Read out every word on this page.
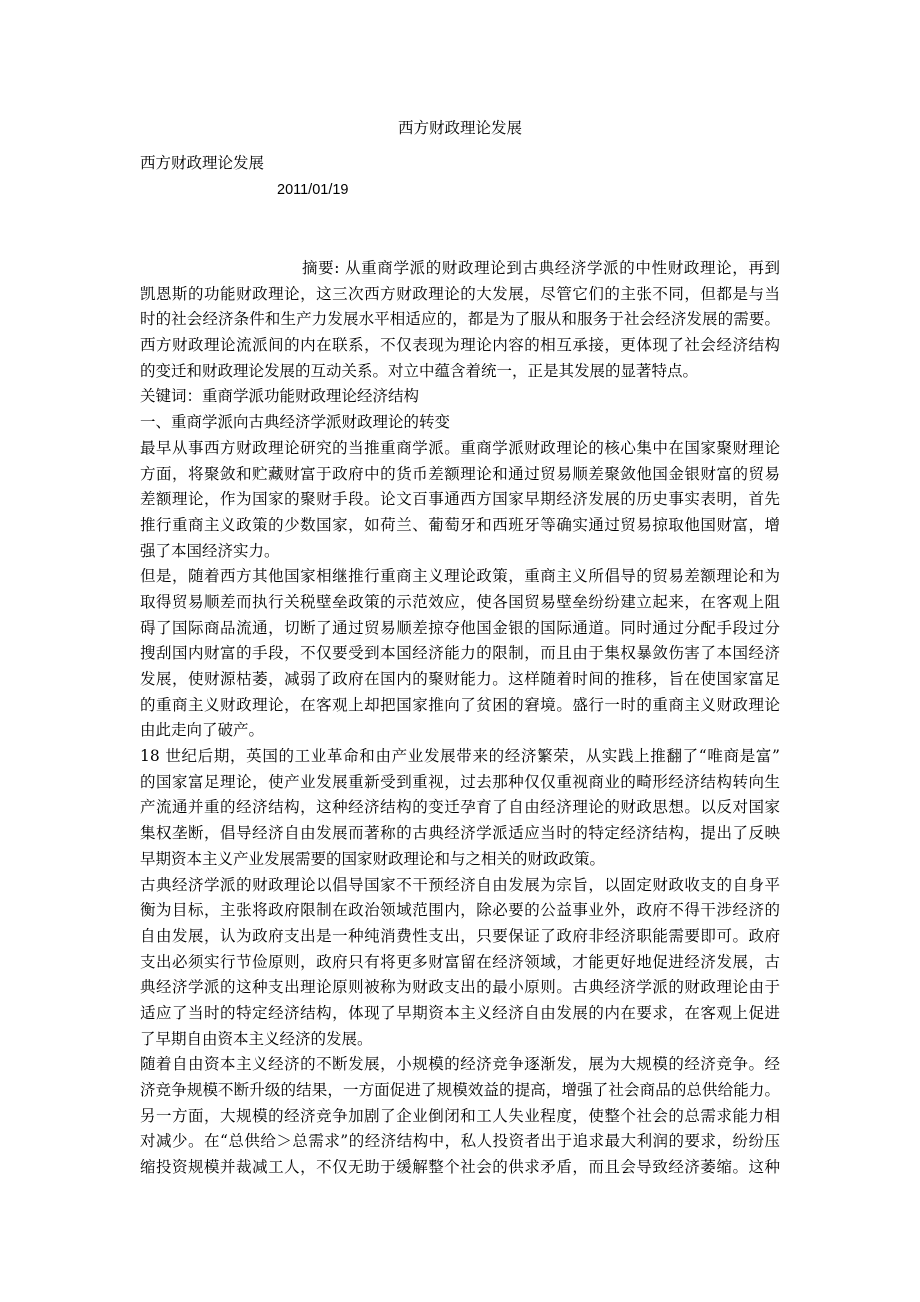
西方财政理论发展
西方财政理论发展
2011/01/19
摘要: 从重商学派的财政理论到古典经济学派的中性财政理论，再到
凯恩斯的功能财政理论，这三次西方财政理论的大发展，尽管它们的主张不同，但都是与当
时的社会经济条件和生产力发展水平相适应的，都是为了服从和服务于社会经济发展的需要。
西方财政理论流派间的内在联系，不仅表现为理论内容的相互承接，更体现了社会经济结构
的变迁和财政理论发展的互动关系。对立中蕴含着统一，正是其发展的显著特点。
关键词：重商学派功能财政理论经济结构
一、重商学派向古典经济学派财政理论的转变
最早从事西方财政理论研究的当推重商学派。重商学派财政理论的核心集中在国家聚财理论
方面，将聚敛和贮藏财富于政府中的货币差额理论和通过贸易顺差聚敛他国金银财富的贸易
差额理论，作为国家的聚财手段。论文百事通西方国家早期经济发展的历史事实表明，首先
推行重商主义政策的少数国家，如荷兰、葡萄牙和西班牙等确实通过贸易掠取他国财富，增
强了本国经济实力。
但是，随着西方其他国家相继推行重商主义理论政策，重商主义所倡导的贸易差额理论和为
取得贸易顺差而执行关税壁垒政策的示范效应，使各国贸易壁垒纷纷建立起来，在客观上阻
碍了国际商品流通，切断了通过贸易顺差掠夺他国金银的国际通道。同时通过分配手段过分
搜刮国内财富的手段，不仅要受到本国经济能力的限制，而且由于集权暴敛伤害了本国经济
发展，使财源枯萎，减弱了政府在国内的聚财能力。这样随着时间的推移，旨在使国家富足
的重商主义财政理论，在客观上却把国家推向了贫困的窘境。盛行一时的重商主义财政理论
由此走向了破产。
18 世纪后期，英国的工业革命和由产业发展带来的经济繁荣，从实践上推翻了“唯商是富”
的国家富足理论，使产业发展重新受到重视，过去那种仅仅重视商业的畸形经济结构转向生
产流通并重的经济结构，这种经济结构的变迁孕育了自由经济理论的财政思想。以反对国家
集权垄断，倡导经济自由发展而著称的古典经济学派适应当时的特定经济结构，提出了反映
早期资本主义产业发展需要的国家财政理论和与之相关的财政政策。
古典经济学派的财政理论以倡导国家不干预经济自由发展为宗旨，以固定财政收支的自身平
衡为目标，主张将政府限制在政治领域范围内，除必要的公益事业外，政府不得干涉经济的
自由发展，认为政府支出是一种纯消费性支出，只要保证了政府非经济职能需要即可。政府
支出必须实行节俭原则，政府只有将更多财富留在经济领域，才能更好地促进经济发展，古
典经济学派的这种支出理论原则被称为财政支出的最小原则。古典经济学派的财政理论由于
适应了当时的特定经济结构，体现了早期资本主义经济自由发展的内在要求，在客观上促进
了早期自由资本主义经济的发展。
随着自由资本主义经济的不断发展，小规模的经济竞争逐渐发，展为大规模的经济竞争。经
济竞争规模不断升级的结果，一方面促进了规模效益的提高，增强了社会商品的总供给能力。
另一方面，大规模的经济竞争加剧了企业倒闭和工人失业程度，使整个社会的总需求能力相
对减少。在“总供给＞总需求”的经济结构中，私人投资者出于追求最大利润的要求，纷纷压
缩投资规模并裁减工人，不仅无助于缓解整个社会的供求矛盾，而且会导致经济萎缩。这种
